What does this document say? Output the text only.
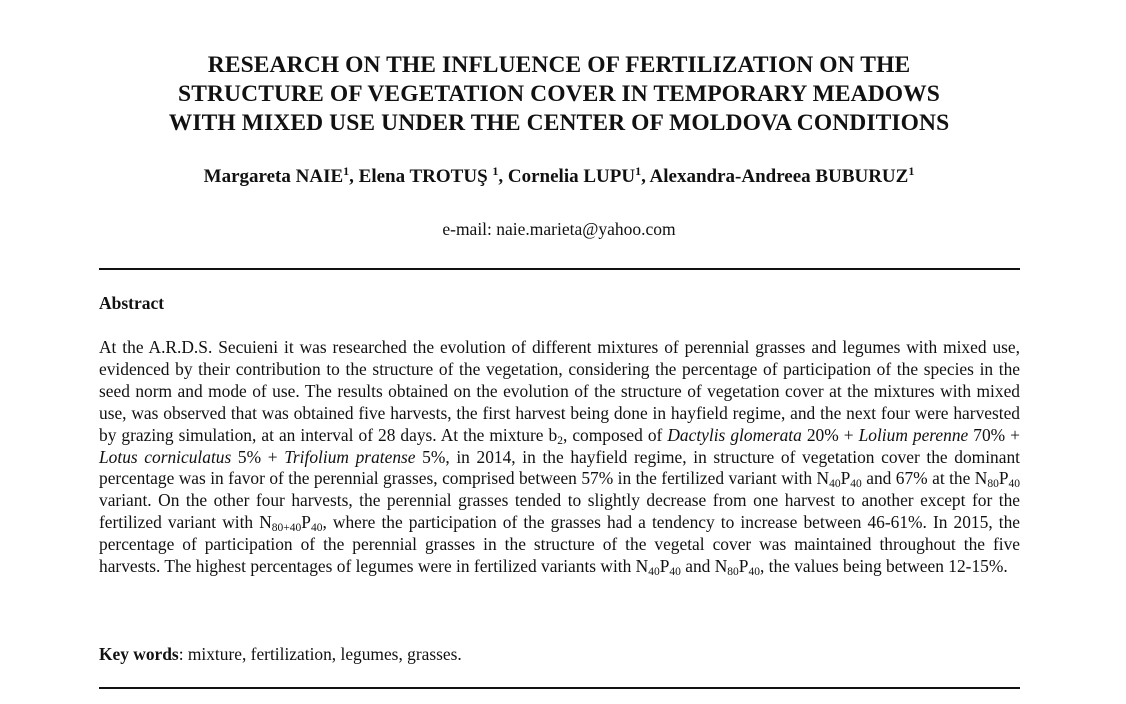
RESEARCH ON THE INFLUENCE OF FERTILIZATION ON THE
STRUCTURE OF VEGETATION COVER IN TEMPORARY MEADOWS
WITH MIXED USE UNDER THE CENTER OF MOLDOVA CONDITIONS

Margareta NAIE$^1$, Elena TROTUŞ $^1$, Cornelia LUPU$^1$, Alexandra-Andreea BUBURUZ$^1$

e-mail: naie.marieta@yahoo.com

Abstract

At the A.R.D.S. Secuieni it was researched the evolution of different mixtures of perennial grasses and legumes with mixed use, evidenced by their contribution to the structure of the vegetation, considering the percentage of participation of the species in the seed norm and mode of use. The results obtained on the evolution of the structure of vegetation cover at the mixtures with mixed use, was observed that was obtained five harvests, the first harvest being done in hayfield regime, and the next four were harvested by grazing simulation, at an interval of 28 days. At the mixture $b_2$, composed of Dactylis glomerata 20% + Lolium perenne 70% + Lotus corniculatus 5% + Trifolium pratense 5%, in 2014, in the hayfield regime, in structure of vegetation cover the dominant percentage was in favor of the perennial grasses, comprised between 57% in the fertilized variant with $N_{40}P_{40}$ and 67% at the $N_{80}P_{40}$ variant. On the other four harvests, the perennial grasses tended to slightly decrease from one harvest to another except for the fertilized variant with $N_{80+40}P_{40}$, where the participation of the grasses had a tendency to increase between 46-61%. In 2015, the percentage of participation of the perennial grasses in the structure of the vegetal cover was maintained throughout the five harvests. The highest percentages of legumes were in fertilized variants with $N_{40}P_{40}$ and $N_{80}P_{40}$, the values being between 12-15%.

Key words: mixture, fertilization, legumes, grasses.
